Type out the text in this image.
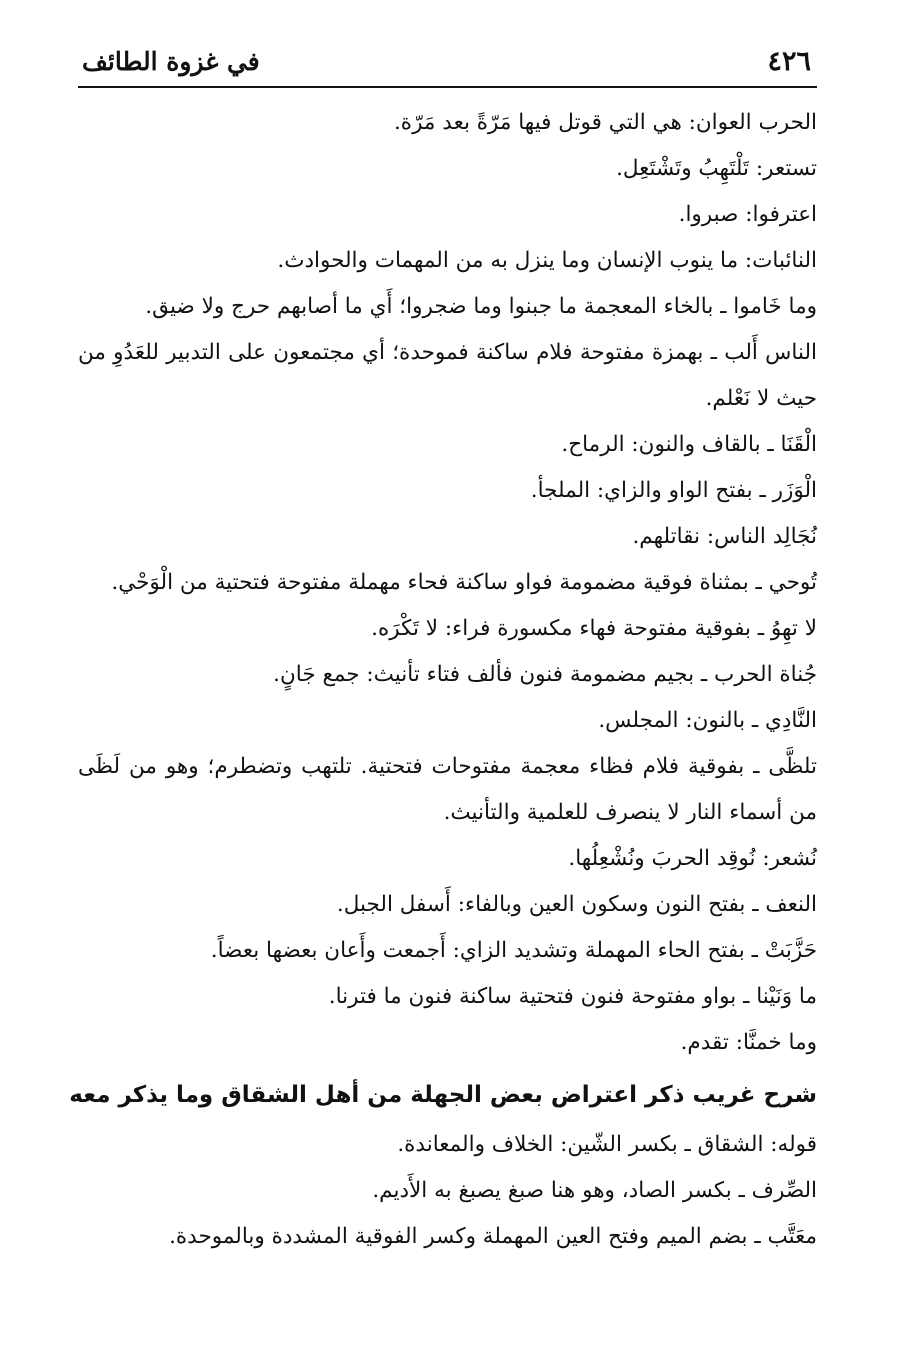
٤٢٦
في غزوة الطائف

الحرب العوان: هي التي قوتل فيها مَرّةً بعد مَرّة.

تستعر: تَلْتَهِبُ وتَشْتَعِل.

اعترفوا: صبروا.

النائبات: ما ينوب الإنسان وما ينزل به من المهمات والحوادث.

وما خَاموا ـ بالخاء المعجمة ما جبنوا وما ضجروا؛ أَي ما أصابهم حرج ولا ضيق.

الناس أَلب ـ بهمزة مفتوحة فلام ساكنة فموحدة؛ أي مجتمعون على التدبير للعَدُوِ من حيث لا نَعْلم.

الْقَنَا ـ بالقاف والنون: الرماح.

الْوَزَر ـ بفتح الواو والزاي: الملجأ.

نُجَالِد الناس: نقاتلهم.

تُوحي ـ بمثناة فوقية مضمومة فواو ساكنة فحاء مهملة مفتوحة فتحتية من الْوَحْي.

لا تهِوُ ـ بفوقية مفتوحة فهاء مكسورة فراء: لا تَكْرَه.

جُناة الحرب ـ بجيم مضمومة فنون فألف فتاء تأنيث: جمع جَانٍ.

النَّادِي ـ بالنون: المجلس.

تلظَّى ـ بفوقية فلام فظاء معجمة مفتوحات فتحتية. تلتهب وتضطرم؛ وهو من لَظَى من أسماء النار لا ينصرف للعلمية والتأنيث.

نُشعر: نُوقِد الحربَ ونُشْعِلُها.

النعف ـ بفتح النون وسكون العين وبالفاء: أَسفل الجبل.

حَزَّبَتْ ـ بفتح الحاء المهملة وتشديد الزاي: أَجمعت وأَعان بعضها بعضاً.

ما وَنَيْنا ـ بواو مفتوحة فنون فتحتية ساكنة فنون ما فترنا.

وما خمنَّا: تقدم.

شرح غريب ذكر اعتراض بعض الجهلة من أهل الشقاق وما يذكر معه

قوله: الشقاق ـ بكسر الشّين: الخلاف والمعاندة.

الصِّرف ـ بكسر الصاد، وهو هنا صبغ يصبغ به الأَديم.

معَتَّب ـ بضم الميم وفتح العين المهملة وكسر الفوقية المشددة وبالموحدة.
